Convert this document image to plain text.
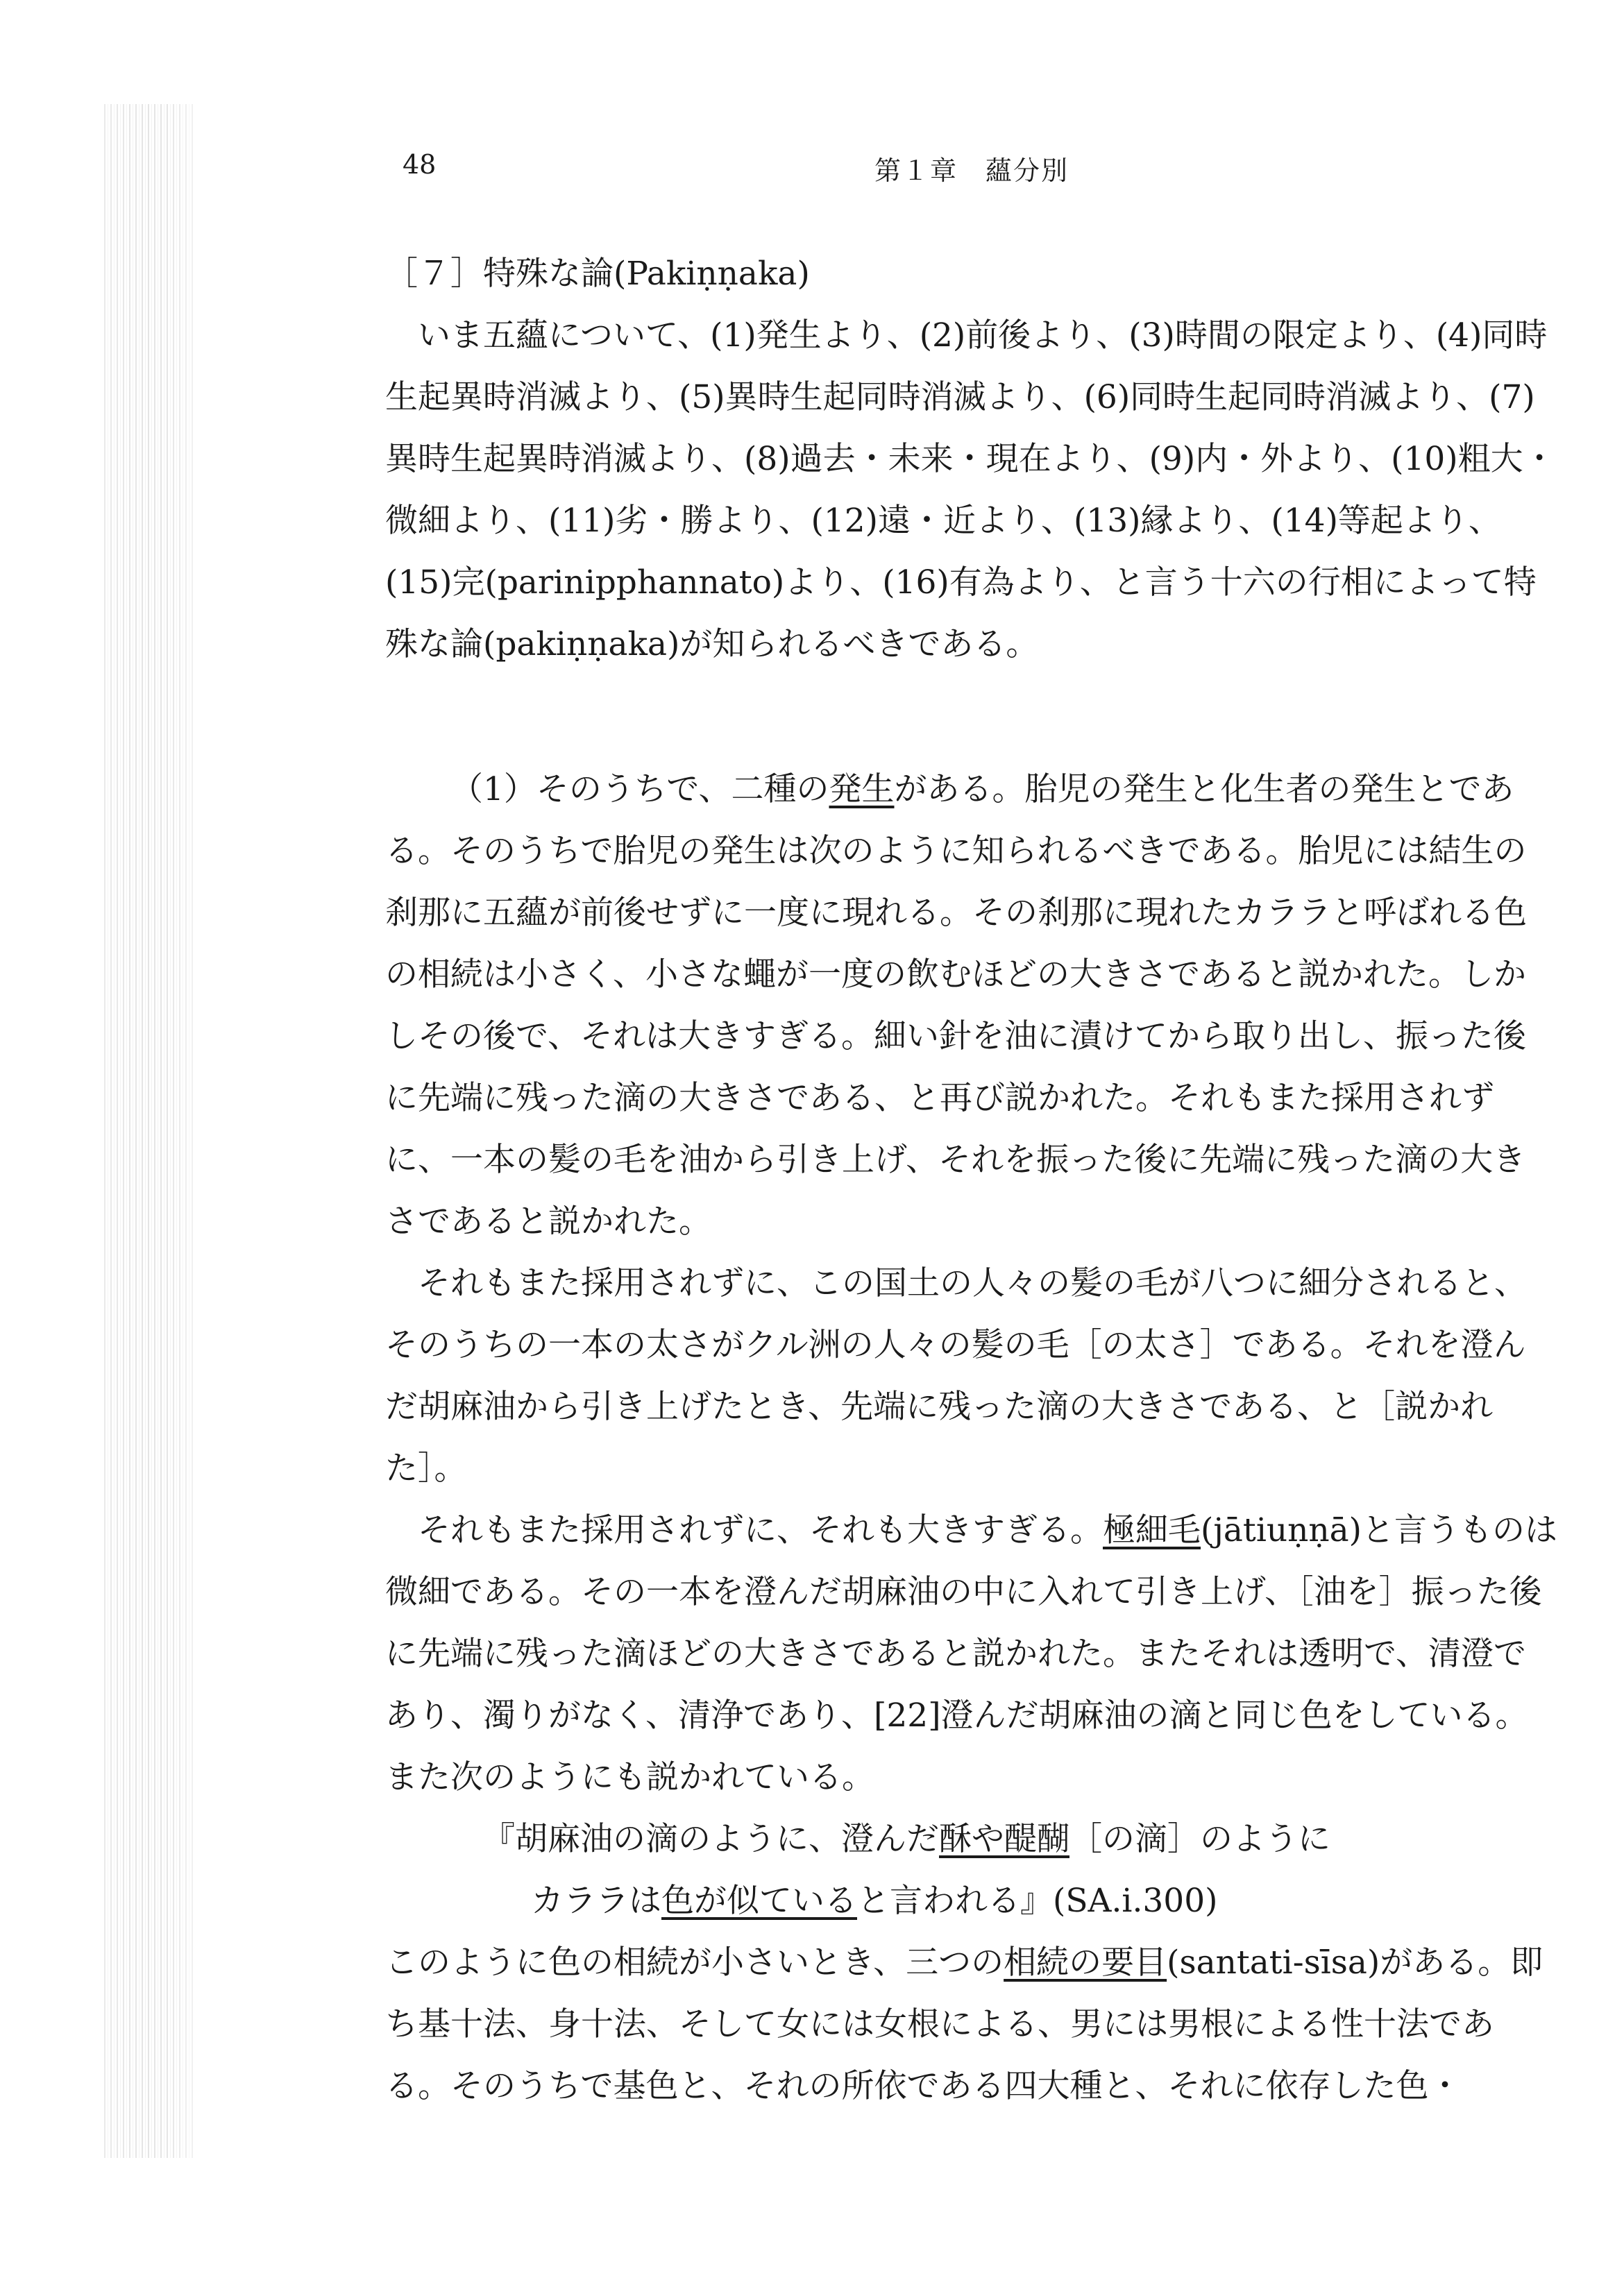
48	第１章　蘊分別

［７］特殊な論(Pakiṇṇaka)

いま五蘊について、(1)発生より、(2)前後より、(3)時間の限定より、(4)同時生起異時消滅より、(5)異時生起同時消滅より、(6)同時生起同時消滅より、(7)異時生起異時消滅より、(8)過去・未来・現在より、(9)内・外より、(10)粗大・微細より、(11)劣・勝より、(12)遠・近より、(13)縁より、(14)等起より、(15)完(parinipphannato)より、(16)有為より、と言う十六の行相によって特殊な論(pakiṇṇaka)が知られるべきである。

（1）そのうちで、二種の発生がある。胎児の発生と化生者の発生とである。そのうちで胎児の発生は次のように知られるべきである。胎児には結生の刹那に五蘊が前後せずに一度に現れる。その刹那に現れたカララと呼ばれる色の相続は小さく、小さな蠅が一度の飲むほどの大きさであると説かれた。しかしその後で、それは大きすぎる。細い針を油に漬けてから取り出し、振った後に先端に残った滴の大きさである、と再び説かれた。それもまた採用されずに、一本の髪の毛を油から引き上げ、それを振った後に先端に残った滴の大きさであると説かれた。

それもまた採用されずに、この国土の人々の髪の毛が八つに細分されると、そのうちの一本の太さがクル洲の人々の髪の毛［の太さ］である。それを澄んだ胡麻油から引き上げたとき、先端に残った滴の大きさである、と［説かれた］。

それもまた採用されずに、それも大きすぎる。極細毛(jātiuṇṇā)と言うものは微細である。その一本を澄んだ胡麻油の中に入れて引き上げ、［油を］振った後に先端に残った滴ほどの大きさであると説かれた。またそれは透明で、清澄であり、濁りがなく、清浄であり、[22]澄んだ胡麻油の滴と同じ色をしている。また次のようにも説かれている。

『胡麻油の滴のように、澄んだ酥や醍醐［の滴］のように

カララは色が似ていると言われる』(SA.i.300)

このように色の相続が小さいとき、三つの相続の要目(santati-sīsa)がある。即ち基十法、身十法、そして女には女根による、男には男根による性十法である。そのうちで基色と、それの所依である四大種と、それに依存した色・
